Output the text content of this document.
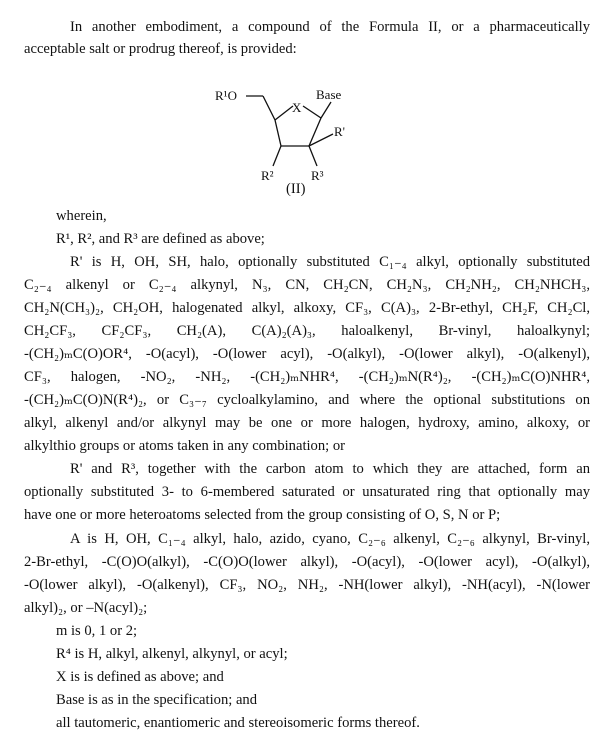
In another embodiment, a compound of the Formula II, or a pharmaceutically
acceptable salt or prodrug thereof, is provided:
R¹O
X
Base
R'
R³
R²
(II)
wherein,
R¹, R², and R³ are defined as above;
R' is H, OH, SH, halo, optionally substituted C₁₋₄ alkyl, optionally substituted
C₂₋₄ alkenyl or C₂₋₄ alkynyl, N₃, CN, CH₂CN, CH₂N₃, CH₂NH₂, CH₂NHCH₃,
CH₂N(CH₃)₂, CH₂OH, halogenated alkyl, alkoxy, CF₃, C(A)₃, 2-Br-ethyl, CH₂F, CH₂Cl,
CH₂CF₃, CF₂CF₃, CH₂(A), C(A)₂(A)₃, haloalkenyl, Br-vinyl, haloalkynyl;
-(CH₂)ₘC(O)OR⁴, -O(acyl), -O(lower acyl), -O(alkyl), -O(lower alkyl), -O(alkenyl),
CF₃, halogen, -NO₂, -NH₂, -(CH₂)ₘNHR⁴, -(CH₂)ₘN(R⁴)₂, -(CH₂)ₘC(O)NHR⁴,
-(CH₂)ₘC(O)N(R⁴)₂, or C₃₋₇ cycloalkylamino, and where the optional substitutions on
alkyl, alkenyl and/or alkynyl may be one or more halogen, hydroxy, amino, alkoxy, or
alkylthio groups or atoms taken in any combination; or
R' and R³, together with the carbon atom to which they are attached, form an
optionally substituted 3- to 6-membered saturated or unsaturated ring that optionally may
have one or more heteroatoms selected from the group consisting of O, S, N or P;
A is H, OH, C₁₋₄ alkyl, halo, azido, cyano, C₂₋₆ alkenyl, C₂₋₆ alkynyl, Br-vinyl,
2-Br-ethyl, -C(O)O(alkyl), -C(O)O(lower alkyl), -O(acyl), -O(lower acyl), -O(alkyl),
-O(lower alkyl), -O(alkenyl), CF₃, NO₂, NH₂, -NH(lower alkyl), -NH(acyl), -N(lower
alkyl)₂, or –N(acyl)₂;
m is 0, 1 or 2;
R⁴ is H, alkyl, alkenyl, alkynyl, or acyl;
X is is defined as above; and
Base is as in the specification; and
all tautomeric, enantiomeric and stereoisomeric forms thereof.
